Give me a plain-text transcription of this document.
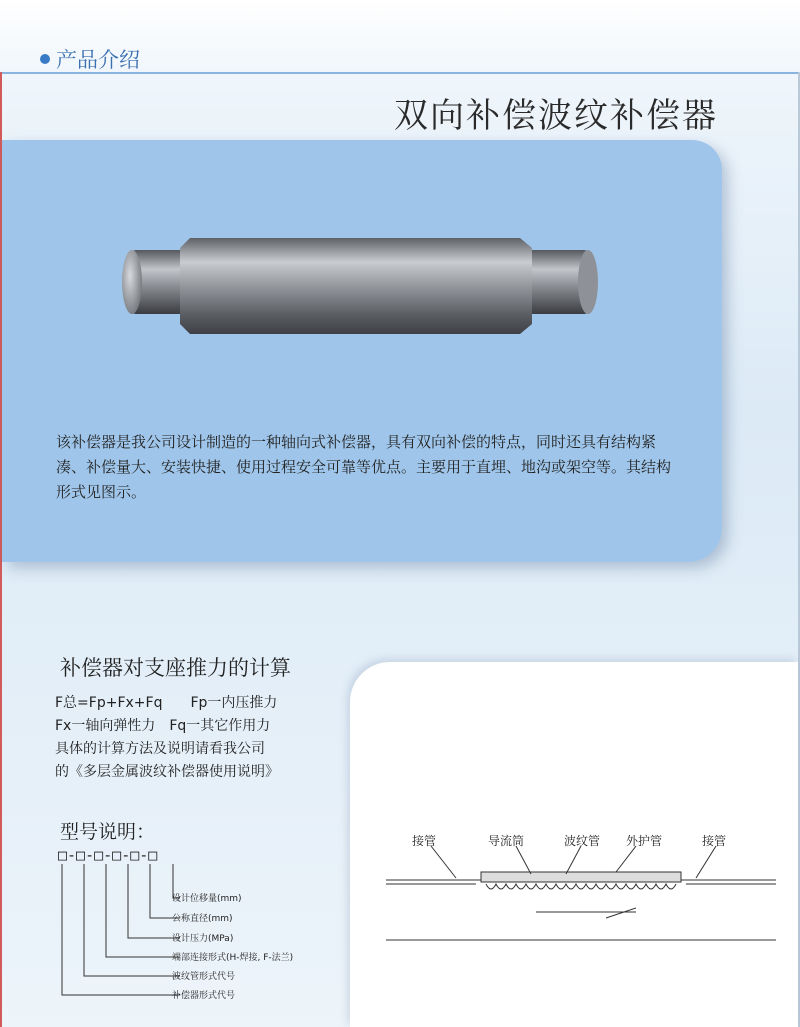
产品介绍
双向补偿波纹补偿器
该补偿器是我公司设计制造的一种轴向式补偿器，具有双向补偿的特点，同时还具有结构紧凑、补偿量大、安装快捷、使用过程安全可靠等优点。主要用于直埋、地沟或架空等。其结构形式见图示。
补偿器对支座推力的计算
F总=Fp+Fx+Fq　　Fp一内压推力
Fx一轴向弹性力　Fq一其它作用力
具体的计算方法及说明请看我公司
的《多层金属波纹补偿器使用说明》
型号说明：
□-□-□-□-□-□
设计位移量(mm)
公称直径(mm)
设计压力(MPa)
端部连接形式(H-焊接, F-法兰)
波纹管形式代号
补偿器形式代号
接管	导流筒	波纹管 外护管	接管
